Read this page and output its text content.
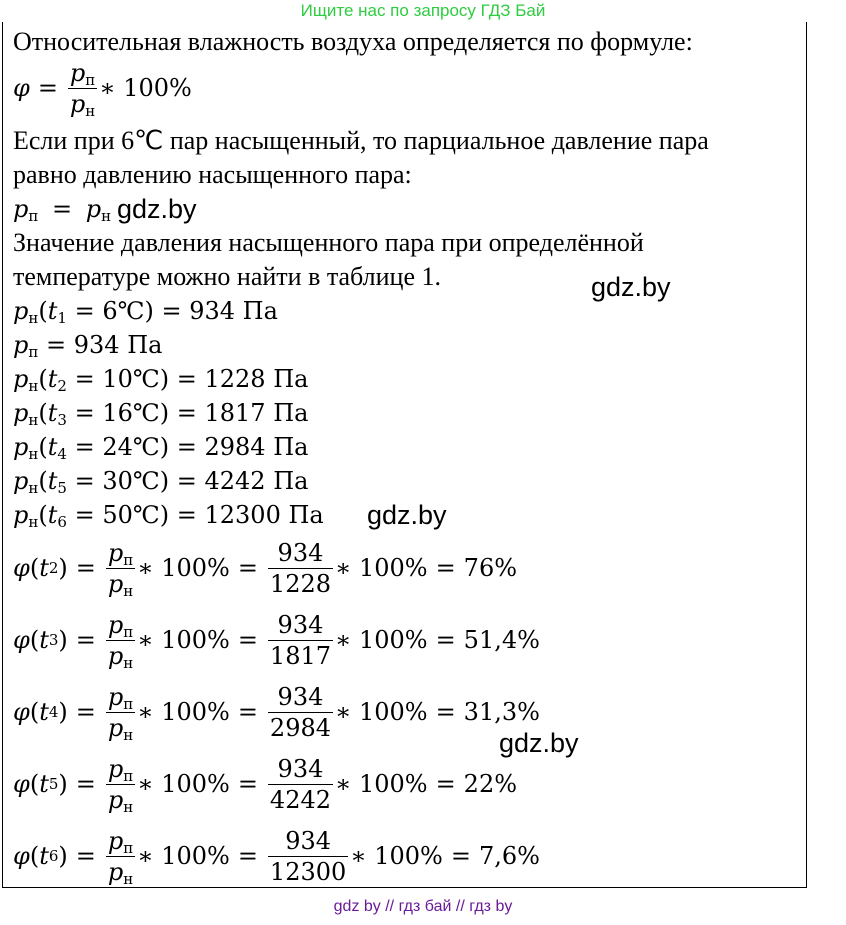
Ищите нас по запросу ГДЗ Бай
Относительная влажность воздуха определяется по формуле:
$\varphi = \frac{p_п}{p_н}$ ∗ 100%
Если при 6℃ пар насыщенный, то парциальное давление пара
равно давлению насыщенного пара:
$p_п = p_н$ gdz.by
Значение давления насыщенного пара при определённой
температуре можно найти в таблице 1.	gdz.by
$p_н(t_1$ = 6℃) = 934 Па
$p_п = 934$ Па
$p_н(t_2$ = 10℃) = 1228 Па
$p_н(t_3$ = 16℃) = 1817 Па
$p_н(t_4$ = 24℃) = 2984 Па
$p_н(t_5$ = 30℃) = 4242 Па
$p_н(t_6$ = 50℃) = 12300 Па gdz.by
φ ( t 2 ) = $\frac{p_п}{p_н}$ ∗ $100\% = \frac{934}{1228}$ ∗ 100% = 76%
φ ( t 3 ) = $\frac{p_п}{p_н}$ ∗ $100\% = \frac{934}{1817}$ ∗ 100% = 51,4%
φ ( t 4 ) = $\frac{p_п}{p_н}$ ∗ $100\% = \frac{934}{2984}$ ∗ 100% = 31,3%
φ ( t 5 ) = $\frac{p_п}{p_н}$ ∗ $100\% = \frac{934}{4242}$ ∗ 100% = 22%
φ ( t 6 ) = $\frac{p_п}{p_н}$ ∗ $100\% = \frac{934}{12300}$ ∗ 100% = 7,6%
gdz.by
gdz by // гдз бай // гдз by
